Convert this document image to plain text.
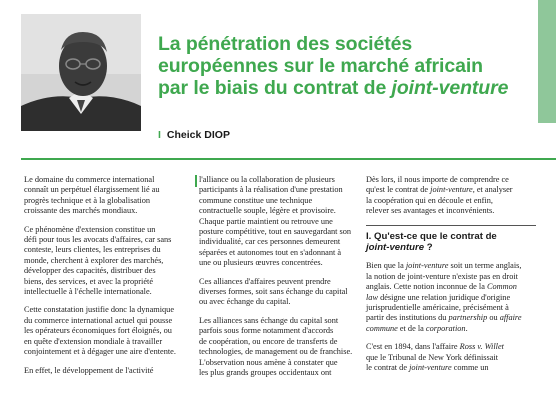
La pénétration des sociétés
européennes sur le marché africain
par le biais du contrat de joint-venture
I Cheick DIOP

Le domaine du commerce international
connaît un perpétuel élargissement lié au
progrès technique et à la globalisation
croissante des marchés mondiaux.

Ce phénomène d'extension constitue un
défi pour tous les avocats d'affaires, car sans
conteste, leurs clientes, les entreprises du
monde, cherchent à explorer des marchés,
développer des capacités, distribuer des
biens, des services, et avec la propriété
intellectuelle à l'échelle internationale.

Cette constatation justifie donc la dynamique
du commerce international actuel qui pousse
les opérateurs économiques fort éloignés, ou
en quête d'extension mondiale à travailler
conjointement et à dégager une aire d'entente.

En effet, le développement de l'activité

l'alliance ou la collaboration de plusieurs
participants à la réalisation d'une prestation
commune constitue une technique
contractuelle souple, légère et provisoire.
Chaque partie maintient ou retrouve une
posture compétitive, tout en sauvegardant son
individualité, car ces personnes demeurent
séparées et autonomes tout en s'adonnant à
une ou plusieurs œuvres concentrées.

Ces alliances d'affaires peuvent prendre
diverses formes, soit sans échange du capital
ou avec échange du capital.

Les alliances sans échange du capital sont
parfois sous forme notamment d'accords
de coopération, ou encore de transferts de
technologies, de management ou de franchise.
L'observation nous amène à constater que
les plus grands groupes occidentaux ont

Dès lors, il nous importe de comprendre ce
qu'est le contrat de joint-venture, et analyser
la coopération qui en découle et enfin,
relever ses avantages et inconvénients.

I. Qu'est-ce que le contrat de
joint-venture ?

Bien que la joint-venture soit un terme anglais,
la notion de joint-venture n'existe pas en droit
anglais. Cette notion inconnue de la Common
law désigne une relation juridique d'origine
jurisprudentielle américaine, précisément à
partir des institutions du partnership ou affaire
commune et de la corporation.

C'est en 1894, dans l'affaire Ross v. Willet
que le Tribunal de New York définissait
le contrat de joint-venture comme un
